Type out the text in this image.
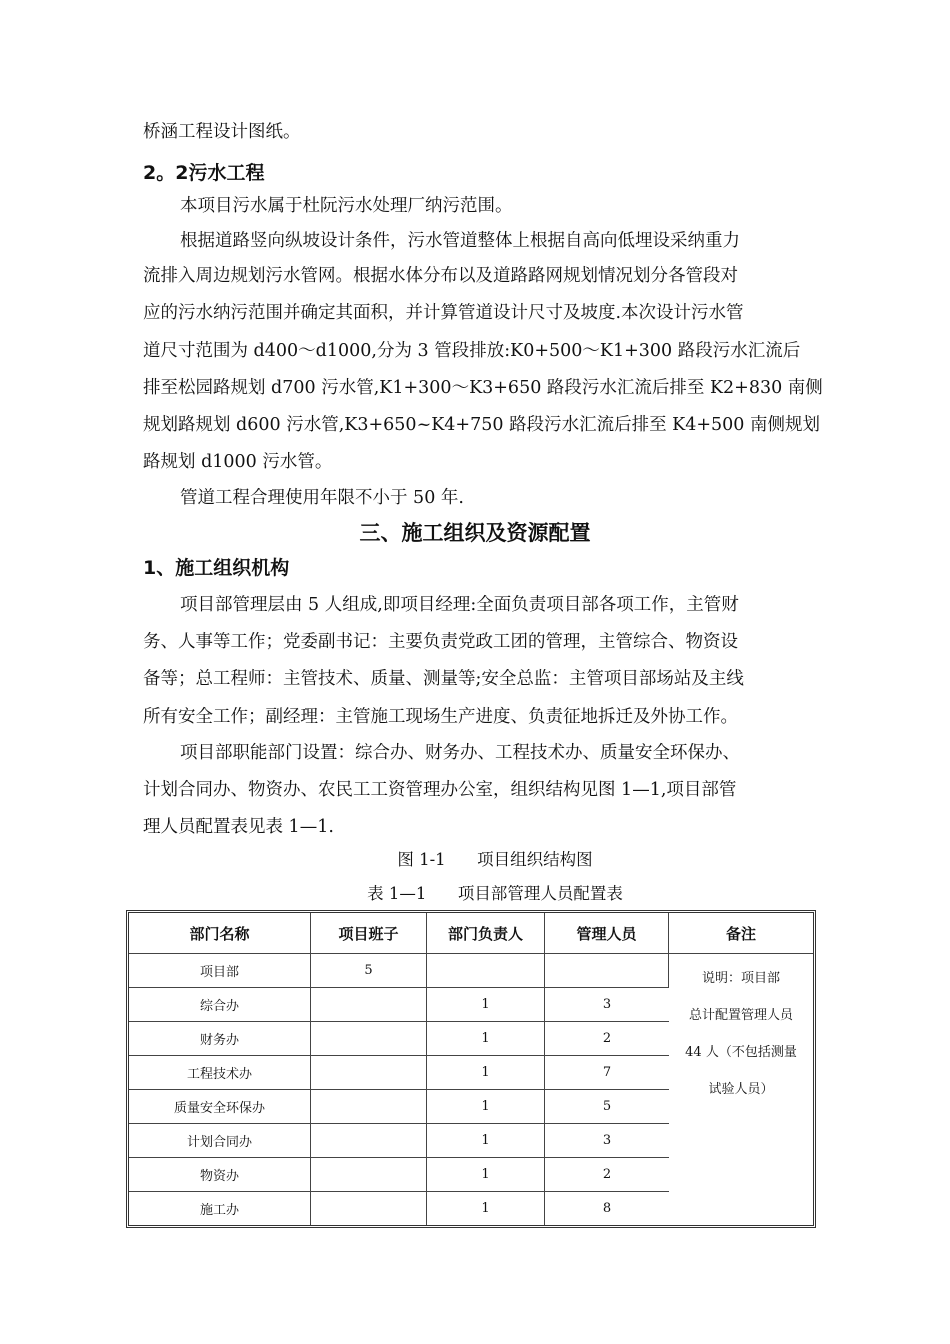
桥涵工程设计图纸。
2。2污水工程
本项目污水属于杜阮污水处理厂纳污范围。
根据道路竖向纵坡设计条件，污水管道整体上根据自高向低埋设采纳重力
流排入周边规划污水管网。根据水体分布以及道路路网规划情况划分各管段对
应的污水纳污范围并确定其面积，并计算管道设计尺寸及坡度.本次设计污水管
道尺寸范围为 d400～d1000,分为 3 管段排放:K0+500～K1+300 路段污水汇流后
排至松园路规划 d700 污水管,K1+300～K3+650 路段污水汇流后排至 K2+830 南侧
规划路规划 d600 污水管,K3+650~K4+750 路段污水汇流后排至 K4+500 南侧规划
路规划 d1000 污水管。
管道工程合理使用年限不小于 50 年.
三、施工组织及资源配置
1、施工组织机构
项目部管理层由 5 人组成,即项目经理:全面负责项目部各项工作，主管财
务、人事等工作；党委副书记：主要负责党政工团的管理，主管综合、物资设
备等；总工程师：主管技术、质量、测量等;安全总监：主管项目部场站及主线
所有安全工作；副经理：主管施工现场生产进度、负责征地拆迁及外协工作。
项目部职能部门设置：综合办、财务办、工程技术办、质量安全环保办、
计划合同办、物资办、农民工工资管理办公室，组织结构见图 1—1,项目部管
理人员配置表见表 1—1.
图 1-1      项目组织结构图
表 1—1      项目部管理人员配置表
部门名称	项目班子	部门负责人	管理人员	备注
项目部	5			说明：项目部
总计配置管理人员
44 人（不包括测量
试验人员）

综合办		1	3	
财务办		1	2	
工程技术办		1	7	
质量安全环保办		1	5	
计划合同办		1	3	
物资办		1	2	
施工办		1	8	
